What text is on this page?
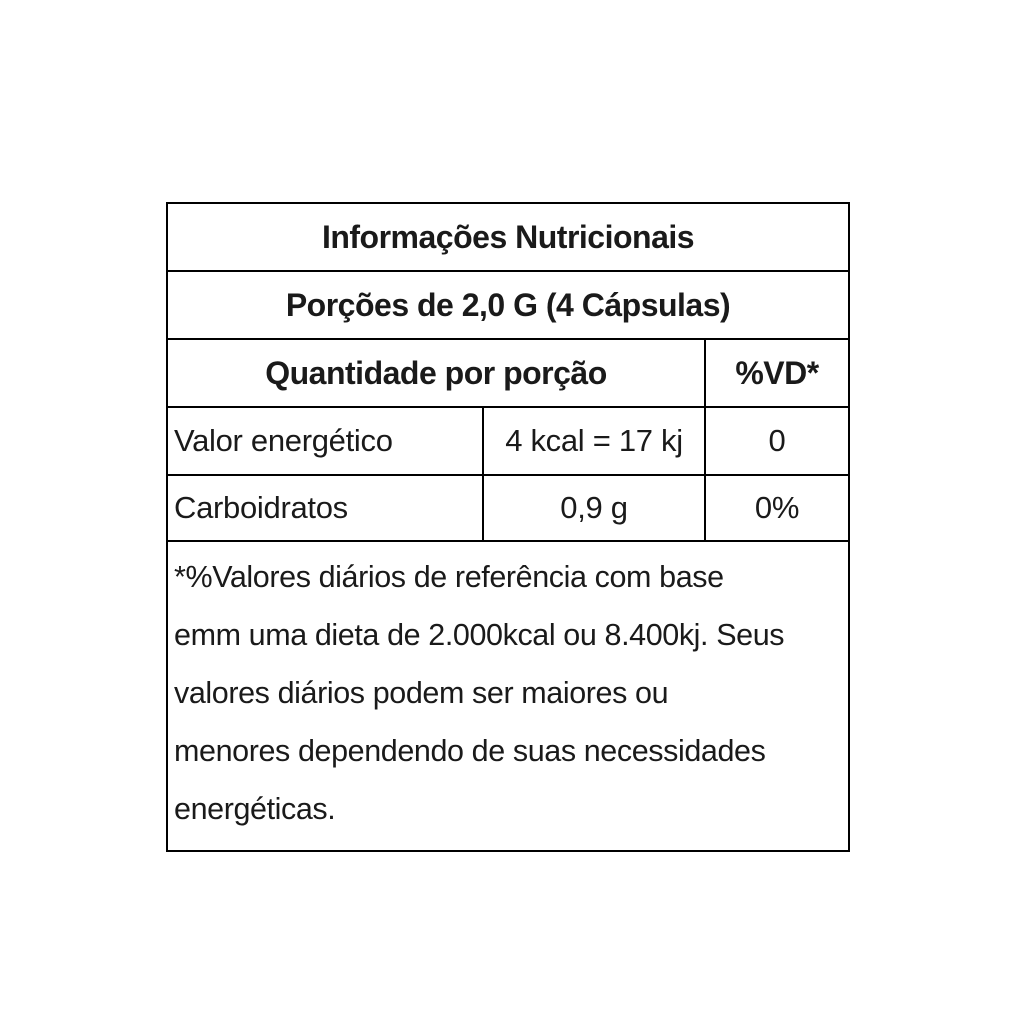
Informações Nutricionais
Porções de 2,0 G (4 Cápsulas)
Quantidade por porção	%VD*
Valor energético	4 kcal = 17 kj	0
Carboidratos	0,9 g	0%
*%Valores diários de referência com base
emm uma dieta de 2.000kcal ou 8.400kj. Seus
valores diários podem ser maiores ou
menores dependendo de suas necessidades
energéticas.
